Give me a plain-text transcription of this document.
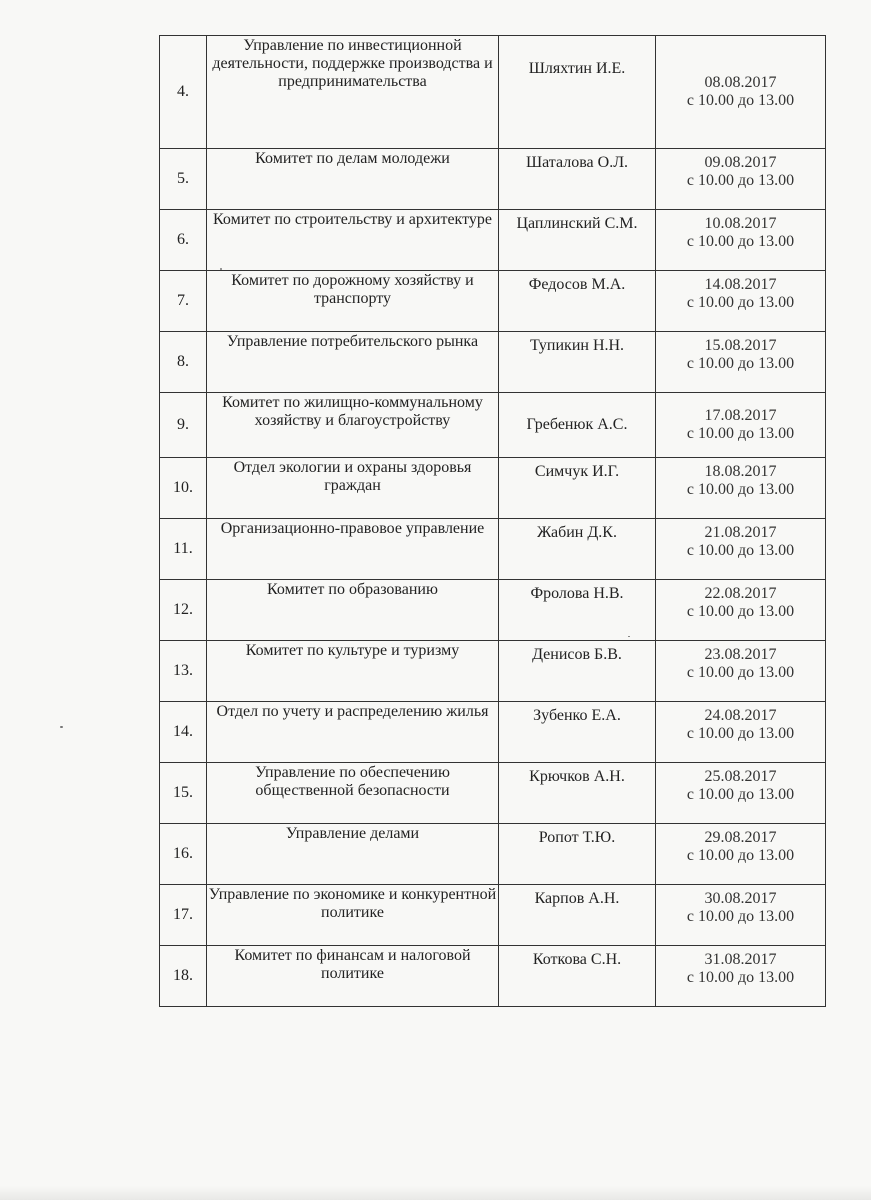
4.	Управление по инвестиционной деятельности, поддержке производства и предпринимательства	Шляхтин И.Е.	08.08.2017
с 10.00 до 13.00

5.	Комитет по делам молодежи	Шаталова О.Л.	09.08.2017
с 10.00 до 13.00

6.	Комитет по строительству и архитектуре	Цаплинский С.М.	10.08.2017
с 10.00 до 13.00

7.	Комитет по дорожному хозяйству и транспорту	Федосов М.А.	14.08.2017
с 10.00 до 13.00

8.	Управление потребительского рынка	Тупикин Н.Н.	15.08.2017
с 10.00 до 13.00

9.	Комитет по жилищно-коммунальному хозяйству и благоустройству	Гребенюк А.С.	17.08.2017
с 10.00 до 13.00

10.	Отдел экологии и охраны здоровья граждан	Симчук И.Г.	18.08.2017
с 10.00 до 13.00

11.	Организационно-правовое управление	Жабин Д.К.	21.08.2017
с 10.00 до 13.00

12.	Комитет по образованию	Фролова Н.В.	22.08.2017
с 10.00 до 13.00

13.	Комитет по культуре и туризму	Денисов Б.В.	23.08.2017
с 10.00 до 13.00

14.	Отдел по учету и распределению жилья	Зубенко Е.А.	24.08.2017
с 10.00 до 13.00

15.	Управление по обеспечению общественной безопасности	Крючков А.Н.	25.08.2017
с 10.00 до 13.00

16.	Управление делами	Ропот Т.Ю.	29.08.2017
с 10.00 до 13.00

17.	Управление по экономике и конкурентной политике	Карпов А.Н.	30.08.2017
с 10.00 до 13.00

18.	Комитет по финансам и налоговой политике	Коткова С.Н.	31.08.2017
с 10.00 до 13.00
